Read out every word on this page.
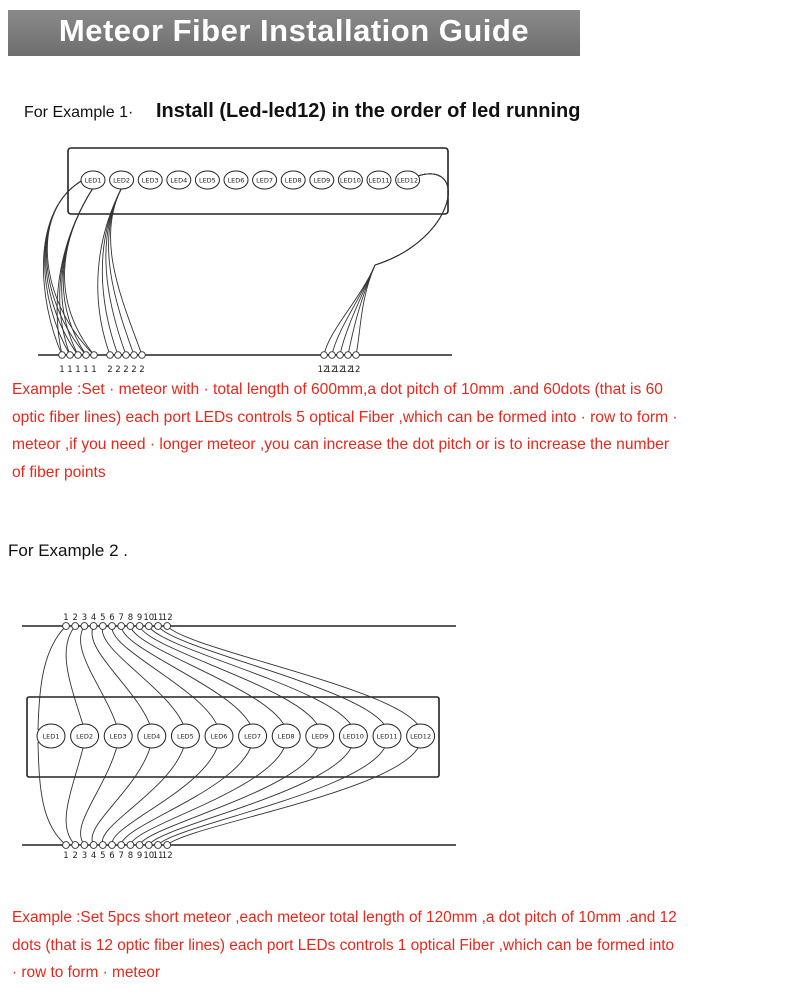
Meteor Fiber Installation Guide
For Example 1· Install (Led-led12) in the order of led running
LED1 LED2 LED3 LED4 LED5 LED6 LED7 LED8 LED9 LED10 LED11 LED12
1 1 1 1 1 2 2 2 2 2	12
12
12
12
12
Example :Set · meteor with · total length of 600mm,a dot pitch of 10mm .and 60dots (that is 60
optic fiber lines) each port LEDs controls 5 optical Fiber ,which can be formed into · row to form ·
meteor ,if you need · longer meteor ,you can increase the dot pitch or is to increase the number
of fiber points
For Example 2 .
LED1	LED2	LED3	LED4	LED5	LED6	LED7	LED8	LED9 LED10 LED11 LED12
1
1
2
2
3
3
4
4
5
5
6
6
7
7
8
8
9
9
10
10
11
11
12
12
Example :Set 5pcs short meteor ,each meteor total length of 120mm ,a dot pitch of 10mm .and 12
dots (that is 12 optic fiber lines) each port LEDs controls 1 optical Fiber ,which can be formed into
· row to form · meteor
